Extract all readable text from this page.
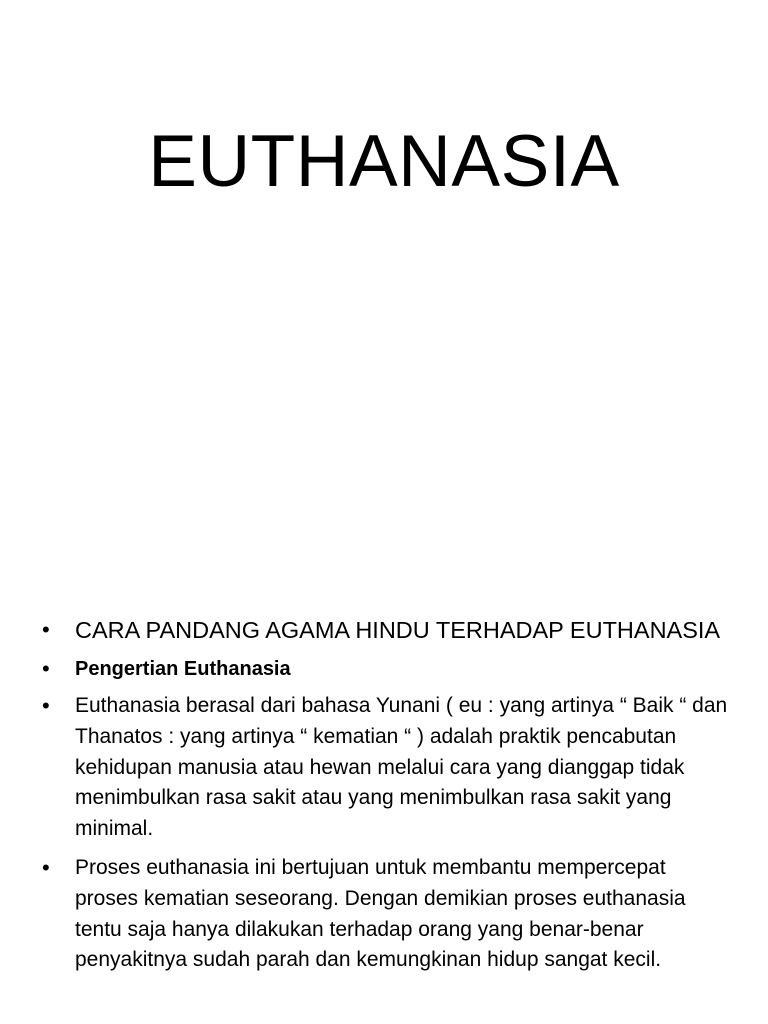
EUTHANASIA
• CARA PANDANG AGAMA HINDU TERHADAP EUTHANASIA
• Pengertian Euthanasia
• Euthanasia berasal dari bahasa Yunani ( eu : yang artinya “ Baik “ dan Thanatos : yang artinya “ kematian “ ) adalah praktik pencabutan kehidupan manusia atau hewan melalui cara yang dianggap tidak menimbulkan rasa sakit atau yang menimbulkan rasa sakit yang minimal.
• Proses euthanasia ini bertujuan untuk membantu mempercepat proses kematian seseorang. Dengan demikian proses euthanasia tentu saja hanya dilakukan terhadap orang yang benar-benar penyakitnya sudah parah dan kemungkinan hidup sangat kecil.
